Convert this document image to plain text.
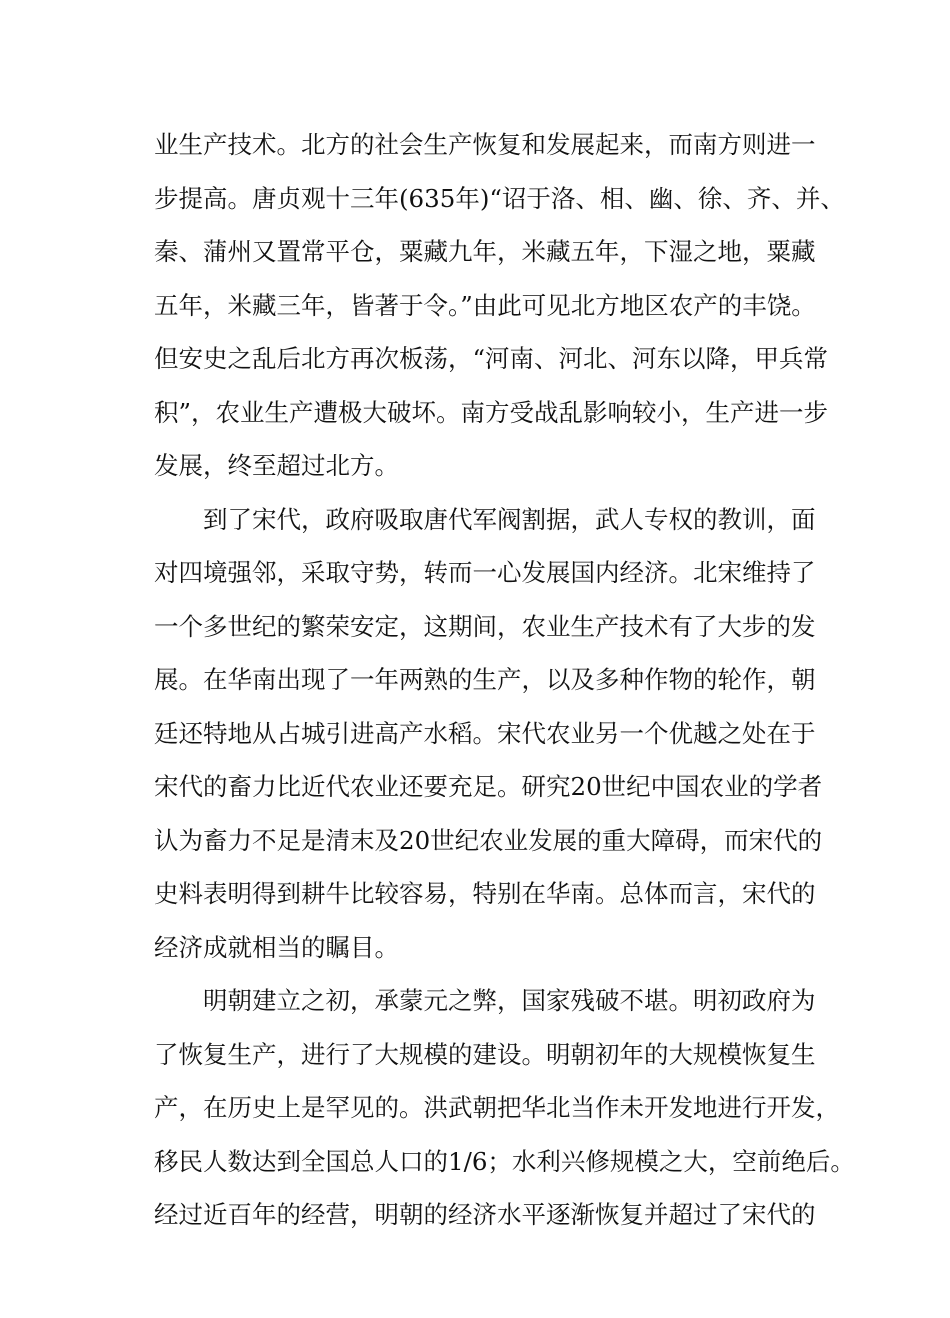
业生产技术。北方的社会生产恢复和发展起来，而南方则进一
步提高。唐贞观十三年(635年)“诏于洛、相、幽、徐、齐、并、
秦、蒲州又置常平仓，粟藏九年，米藏五年，下湿之地，粟藏
五年，米藏三年，皆著于令。”由此可见北方地区农产的丰饶。
但安史之乱后北方再次板荡，“河南、河北、河东以降，甲兵常
积”，农业生产遭极大破坏。南方受战乱影响较小，生产进一步
发展，终至超过北方。
到了宋代，政府吸取唐代军阀割据，武人专权的教训，面
对四境强邻，采取守势，转而一心发展国内经济。北宋维持了
一个多世纪的繁荣安定，这期间，农业生产技术有了大步的发
展。在华南出现了一年两熟的生产，以及多种作物的轮作，朝
廷还特地从占城引进高产水稻。宋代农业另一个优越之处在于
宋代的畜力比近代农业还要充足。研究20世纪中国农业的学者
认为畜力不足是清末及20世纪农业发展的重大障碍，而宋代的
史料表明得到耕牛比较容易，特别在华南。总体而言，宋代的
经济成就相当的瞩目。
明朝建立之初，承蒙元之弊，国家残破不堪。明初政府为
了恢复生产，进行了大规模的建设。明朝初年的大规模恢复生
产，在历史上是罕见的。洪武朝把华北当作未开发地进行开发，
移民人数达到全国总人口的1/6；水利兴修规模之大，空前绝后。
经过近百年的经营，明朝的经济水平逐渐恢复并超过了宋代的
